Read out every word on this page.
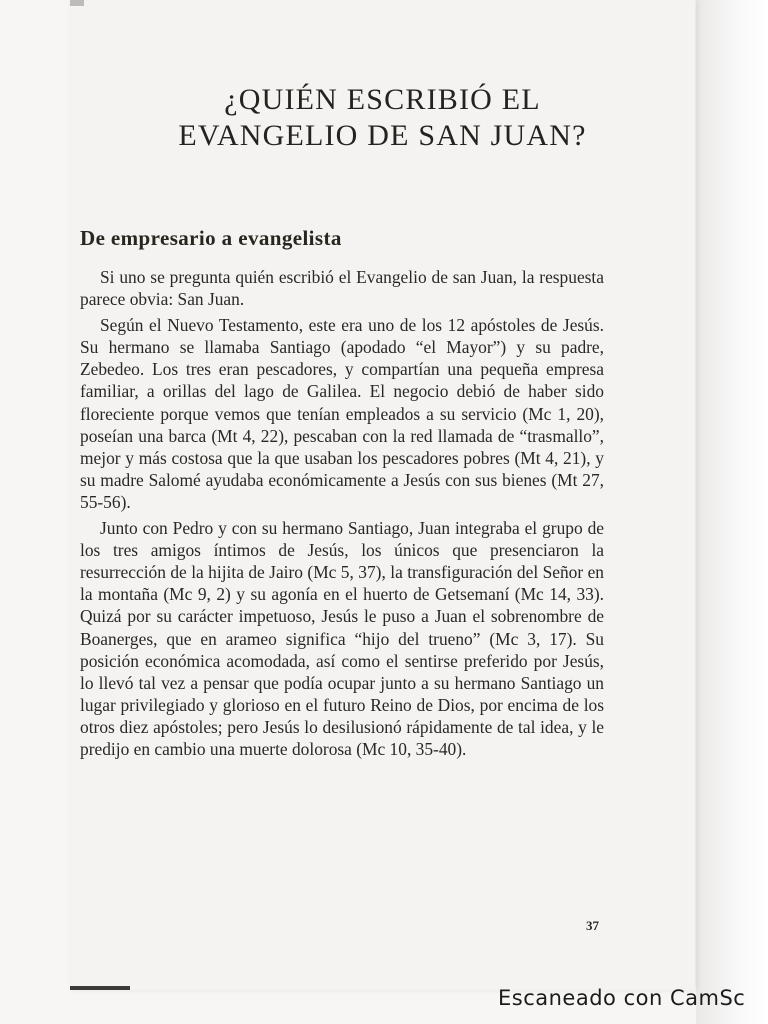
¿QUIÉN ESCRIBIÓ EL
EVANGELIO DE SAN JUAN?
De empresario a evangelista

Si uno se pregunta quién escribió el Evangelio de san Juan, la respuesta parece obvia: San Juan.

Según el Nuevo Testamento, este era uno de los 12 apóstoles de Jesús. Su hermano se llamaba Santiago (apodado “el Mayor”) y su padre, Zebedeo. Los tres eran pescadores, y compartían una pequeña empresa familiar, a orillas del lago de Galilea. El negocio debió de haber sido floreciente porque vemos que tenían empleados a su servicio (Mc 1, 20), poseían una barca (Mt 4, 22), pescaban con la red llamada de “trasmallo”, mejor y más costosa que la que usaban los pescadores pobres (Mt 4, 21), y su madre Salomé ayudaba económicamente a Jesús con sus bienes (Mt 27, 55-56).

Junto con Pedro y con su hermano Santiago, Juan integraba el grupo de los tres amigos íntimos de Jesús, los únicos que presenciaron la resurrección de la hijita de Jairo (Mc 5, 37), la transfiguración del Señor en la montaña (Mc 9, 2) y su agonía en el huerto de Getsemaní (Mc 14, 33). Quizá por su carácter impetuoso, Jesús le puso a Juan el sobrenombre de Boanerges, que en arameo significa “hijo del trueno” (Mc 3, 17). Su posición económica acomodada, así como el sentirse preferido por Jesús, lo llevó tal vez a pensar que podía ocupar junto a su hermano Santiago un lugar privilegiado y glorioso en el futuro Reino de Dios, por encima de los otros diez apóstoles; pero Jesús lo desilusionó rápidamente de tal idea, y le predijo en cambio una muerte dolorosa (Mc 10, 35-40).

37
Escaneado con CamSc
